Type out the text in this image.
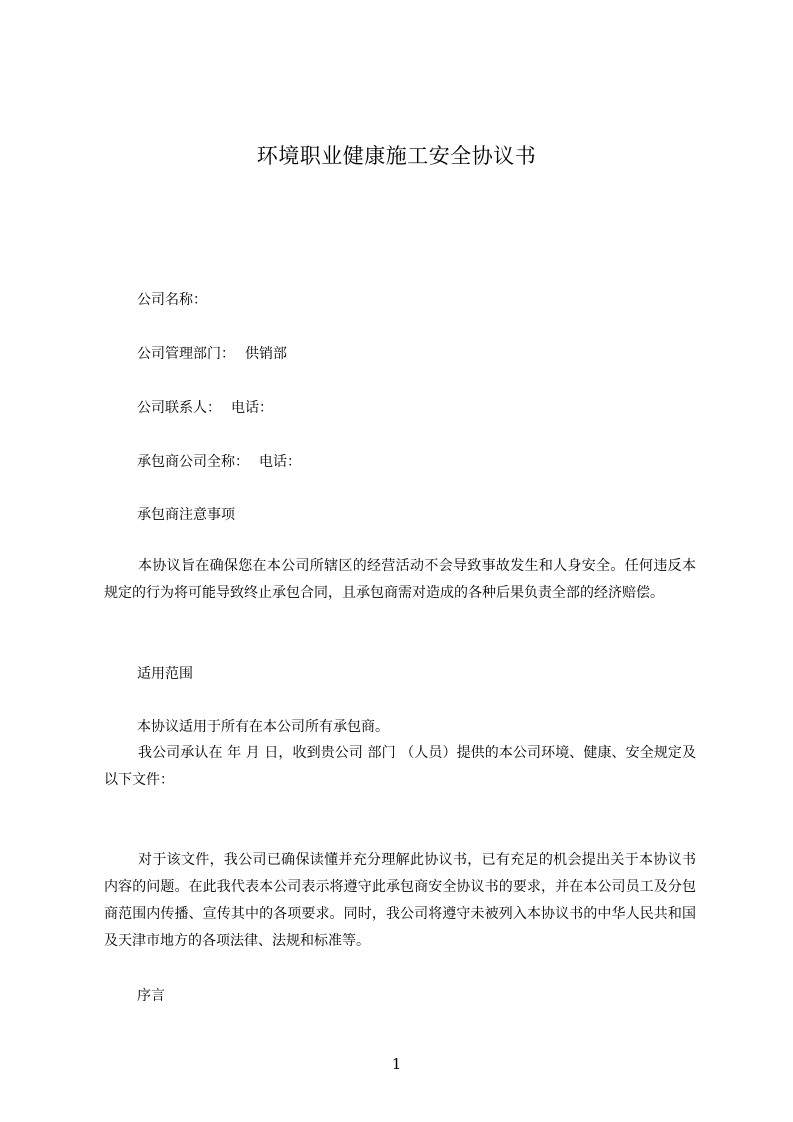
环境职业健康施工安全协议书
公司名称：
公司管理部门： 供销部
公司联系人： 电话：
承包商公司全称： 电话：
承包商注意事项
本协议旨在确保您在本公司所辖区的经营活动不会导致事故发生和人身安全。任何违反本规定的行为将可能导致终止承包合同，且承包商需对造成的各种后果负责全部的经济赔偿。
适用范围
本协议适用于所有在本公司所有承包商。
我公司承认在 年 月 日，收到贵公司 部门 （人员）提供的本公司环境、健康、安全规定及以下文件：
对于该文件，我公司已确保读懂并充分理解此协议书，已有充足的机会提出关于本协议书内容的问题。在此我代表本公司表示将遵守此承包商安全协议书的要求，并在本公司员工及分包商范围内传播、宣传其中的各项要求。同时，我公司将遵守未被列入本协议书的中华人民共和国及天津市地方的各项法律、法规和标准等。
序言
1
